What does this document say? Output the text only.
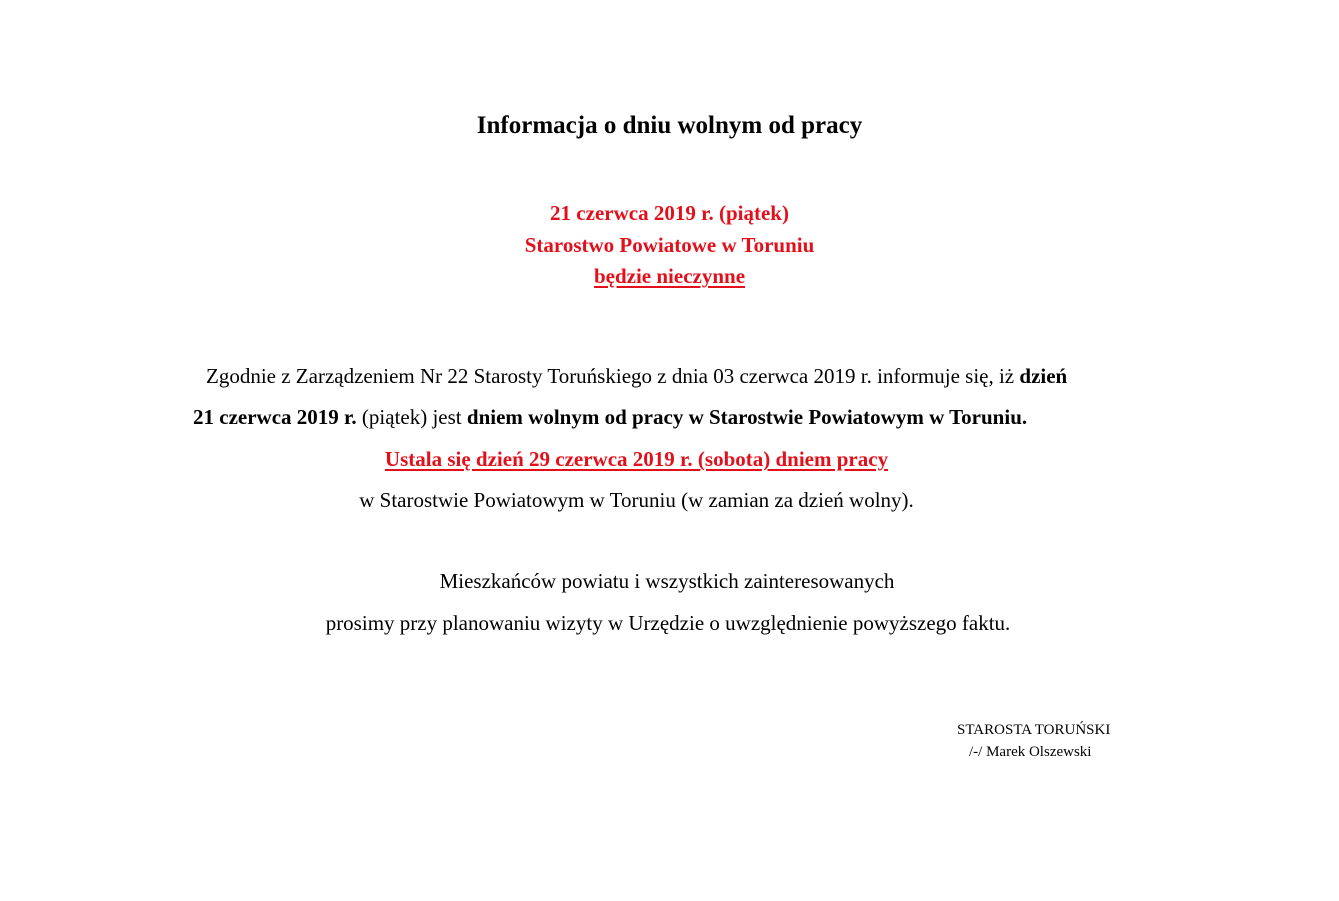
Informacja o dniu wolnym od pracy
21 czerwca 2019 r. (piątek)
Starostwo Powiatowe w Toruniu
będzie nieczynne
Zgodnie z Zarządzeniem Nr 22 Starosty Toruńskiego z dnia 03 czerwca 2019 r. informuje się, iż dzień
21 czerwca 2019 r. (piątek) jest dniem wolnym od pracy w Starostwie Powiatowym w Toruniu.
Ustala się dzień 29 czerwca 2019 r. (sobota) dniem pracy
w Starostwie Powiatowym w Toruniu (w zamian za dzień wolny).
Mieszkańców powiatu i wszystkich zainteresowanych
prosimy przy planowaniu wizyty w Urzędzie o uwzględnienie powyższego faktu.
STAROSTA TORUŃSKI
/-/ Marek Olszewski
